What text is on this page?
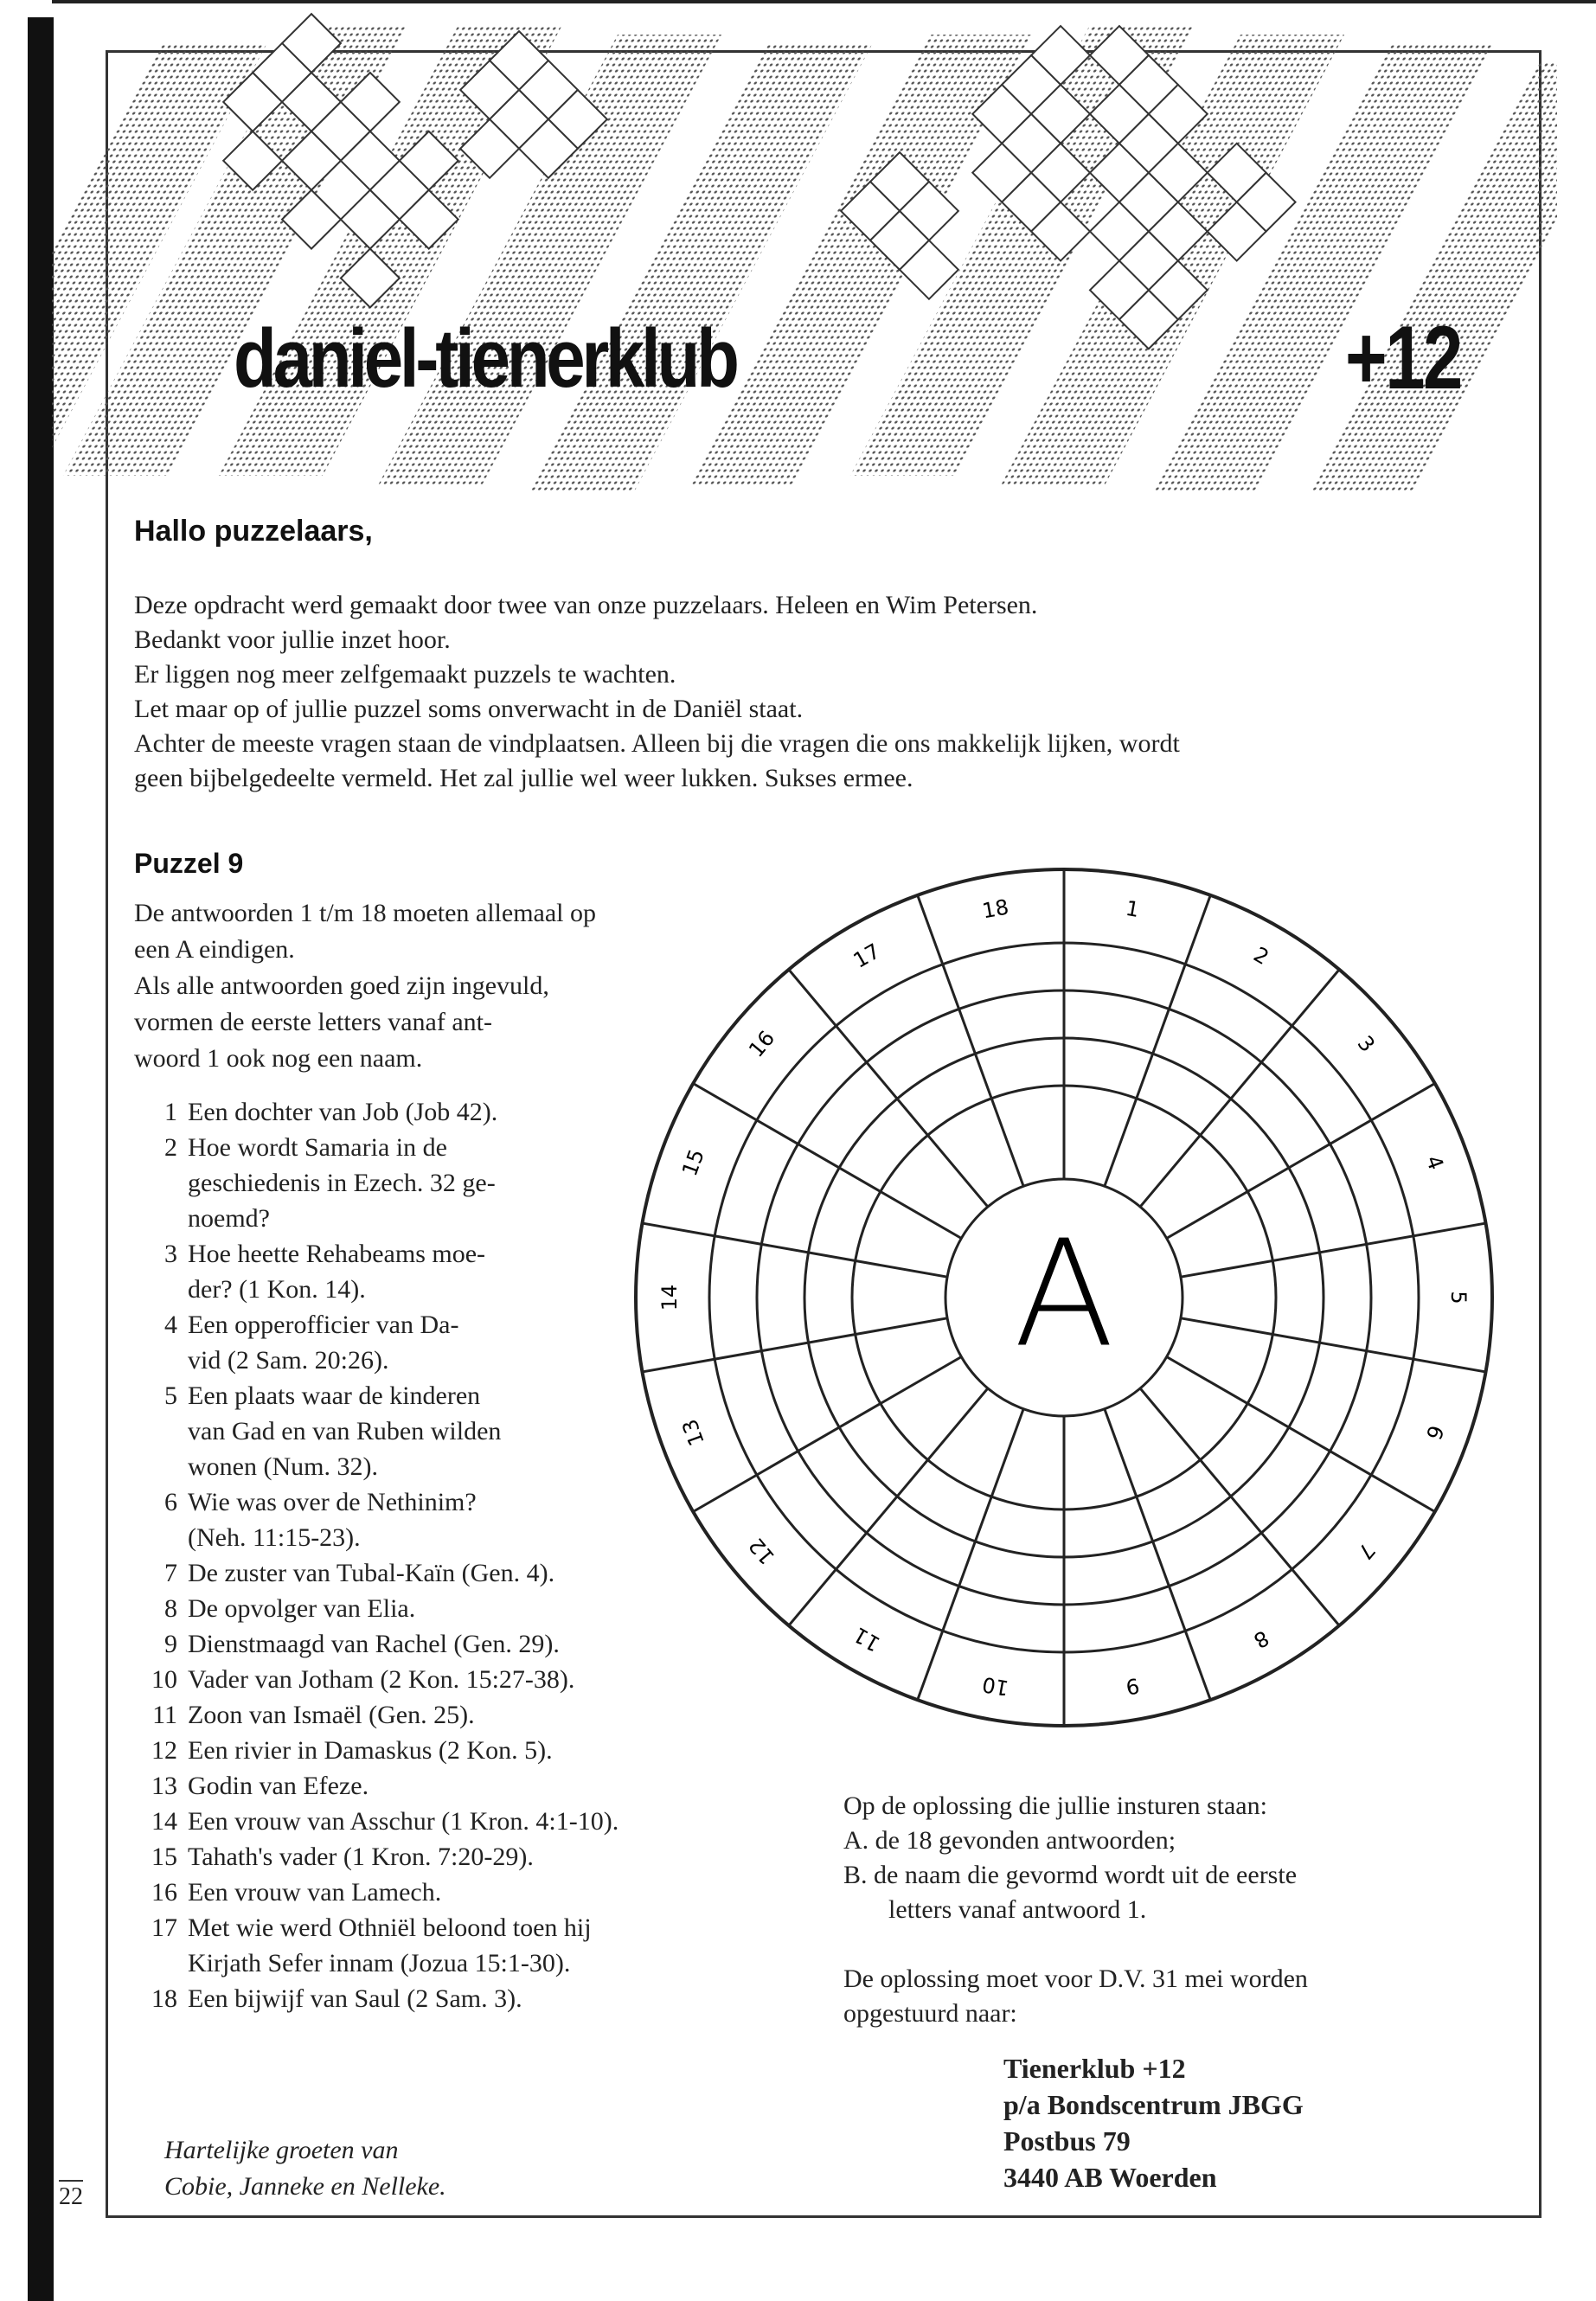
daniel-tienerklub	+12
Hallo puzzelaars,
Deze opdracht werd gemaakt door twee van onze puzzelaars. Heleen en Wim Petersen.
Bedankt voor jullie inzet hoor.
Er liggen nog meer zelfgemaakt puzzels te wachten.
Let maar op of jullie puzzel soms onverwacht in de Daniël staat.
Achter de meeste vragen staan de vindplaatsen. Alleen bij die vragen die ons makkelijk lijken, wordt
geen bijbelgedeelte vermeld. Het zal jullie wel weer lukken. Sukses ermee.
Puzzel 9
De antwoorden 1 t/m 18 moeten allemaal op
een A eindigen.
Als alle antwoorden goed zijn ingevuld,
vormen de eerste letters vanaf ant-
woord 1 ook nog een naam.
1 Een dochter van Job (Job 42).
2 Hoe wordt Samaria in de
geschiedenis in Ezech. 32 ge-
noemd?
3 Hoe heette Rehabeams moe-
der? (1 Kon. 14).
4 Een opperofficier van Da-
vid (2 Sam. 20:26).
5 Een plaats waar de kinderen
van Gad en van Ruben wilden
wonen (Num. 32).
6 Wie was over de Nethinim?
(Neh. 11:15-23).
7 De zuster van Tubal-Kaïn (Gen. 4).
8 De opvolger van Elia.
9 Dienstmaagd van Rachel (Gen. 29).
10 Vader van Jotham (2 Kon. 15:27-38).
11 Zoon van Ismaël (Gen. 25).
12 Een rivier in Damaskus (2 Kon. 5).
13 Godin van Efeze.
14 Een vrouw van Asschur (1 Kron. 4:1-10).
15 Tahath's vader (1 Kron. 7:20-29).
16 Een vrouw van Lamech.
17 Met wie werd Othniël beloond toen hij
Kirjath Sefer innam (Jozua 15:1-30).
18 Een bijwijf van Saul (2 Sam. 3).
1
2
3
4
5
6
7
8
9
10
11
12
13
14
15
16
17
18
A
Op de oplossing die jullie insturen staan:
A. de 18 gevonden antwoorden;
B. de naam die gevormd wordt uit de eerste
letters vanaf antwoord 1.
De oplossing moet voor D.V. 31 mei worden
opgestuurd naar:
Tienerklub +12
p/a Bondscentrum JBGG
Postbus 79
3440 AB Woerden
Hartelijke groeten van
Cobie, Janneke en Nelleke.
22
